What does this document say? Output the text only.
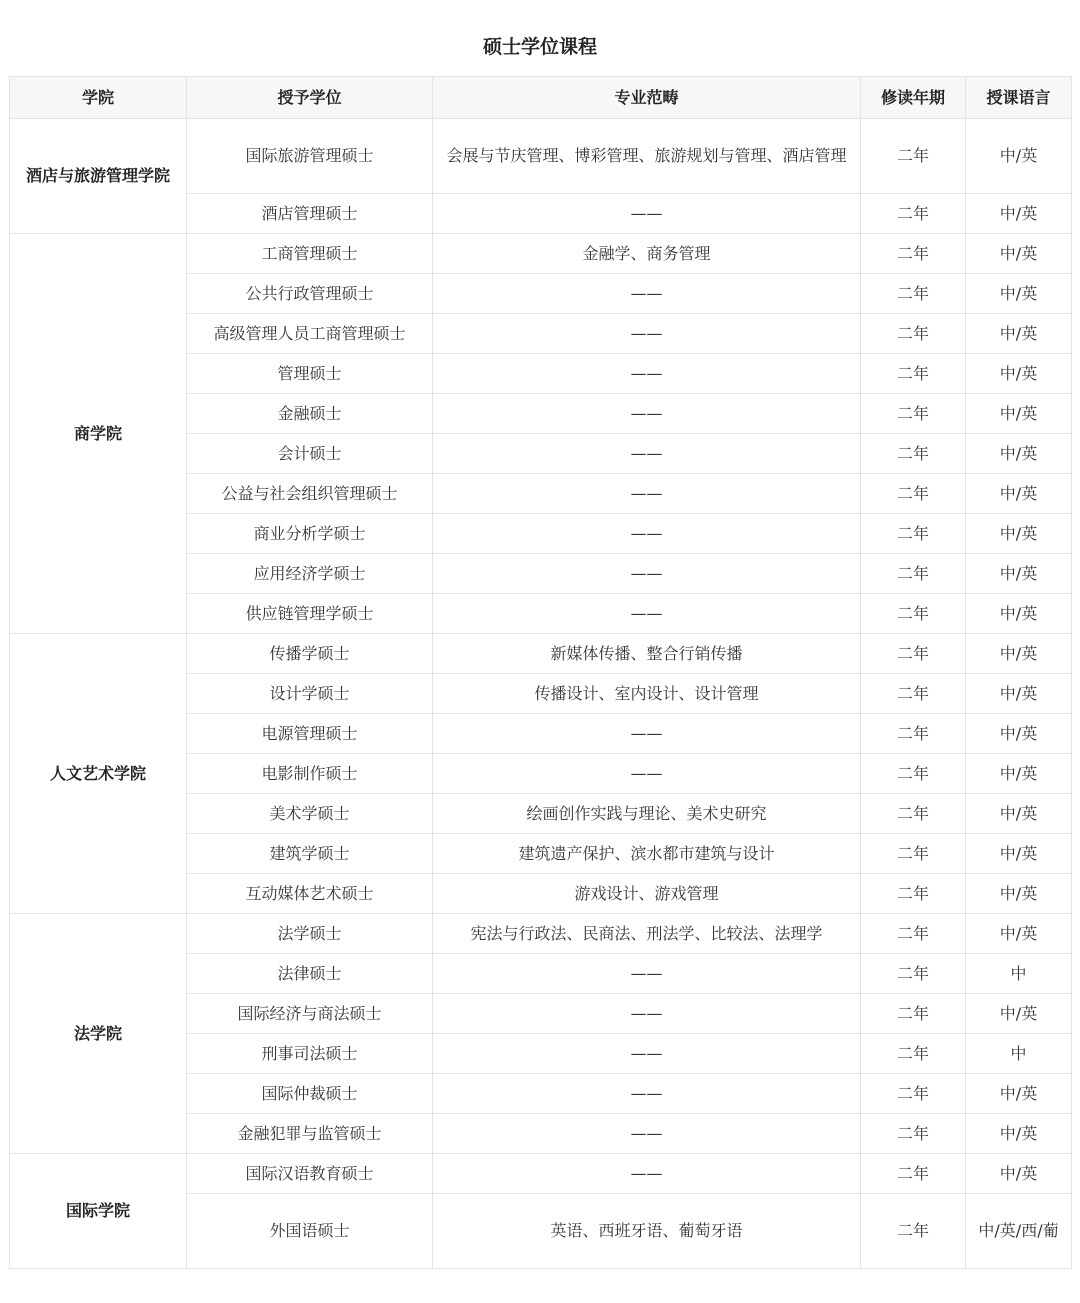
硕士学位课程
学院	授予学位	专业范畴	修读年期	授课语言
酒店与旅游管理学院	国际旅游管理硕士	会展与节庆管理、博彩管理、旅游规划与管理、酒店管理	二年	中/英
	酒店管理硕士	——	二年	中/英
商学院	工商管理硕士	金融学、商务管理	二年	中/英
	公共行政管理硕士	——	二年	中/英
	高级管理人员工商管理硕士	——	二年	中/英
	管理硕士	——	二年	中/英
	金融硕士	——	二年	中/英
	会计硕士	——	二年	中/英
	公益与社会组织管理硕士	——	二年	中/英
	商业分析学硕士	——	二年	中/英
	应用经济学硕士	——	二年	中/英
	供应链管理学硕士	——	二年	中/英
人文艺术学院	传播学硕士	新媒体传播、整合行销传播	二年	中/英
	设计学硕士	传播设计、室内设计、设计管理	二年	中/英
	电源管理硕士	——	二年	中/英
	电影制作硕士	——	二年	中/英
	美术学硕士	绘画创作实践与理论、美术史研究	二年	中/英
	建筑学硕士	建筑遗产保护、滨水都市建筑与设计	二年	中/英
	互动媒体艺术硕士	游戏设计、游戏管理	二年	中/英
法学院	法学硕士	宪法与行政法、民商法、刑法学、比较法、法理学	二年	中/英
	法律硕士	——	二年	中
	国际经济与商法硕士	——	二年	中/英
	刑事司法硕士	——	二年	中
	国际仲裁硕士	——	二年	中/英
	金融犯罪与监管硕士	——	二年	中/英
国际学院	国际汉语教育硕士	——	二年	中/英
	外国语硕士	英语、西班牙语、葡萄牙语	二年	中/英/西/葡
